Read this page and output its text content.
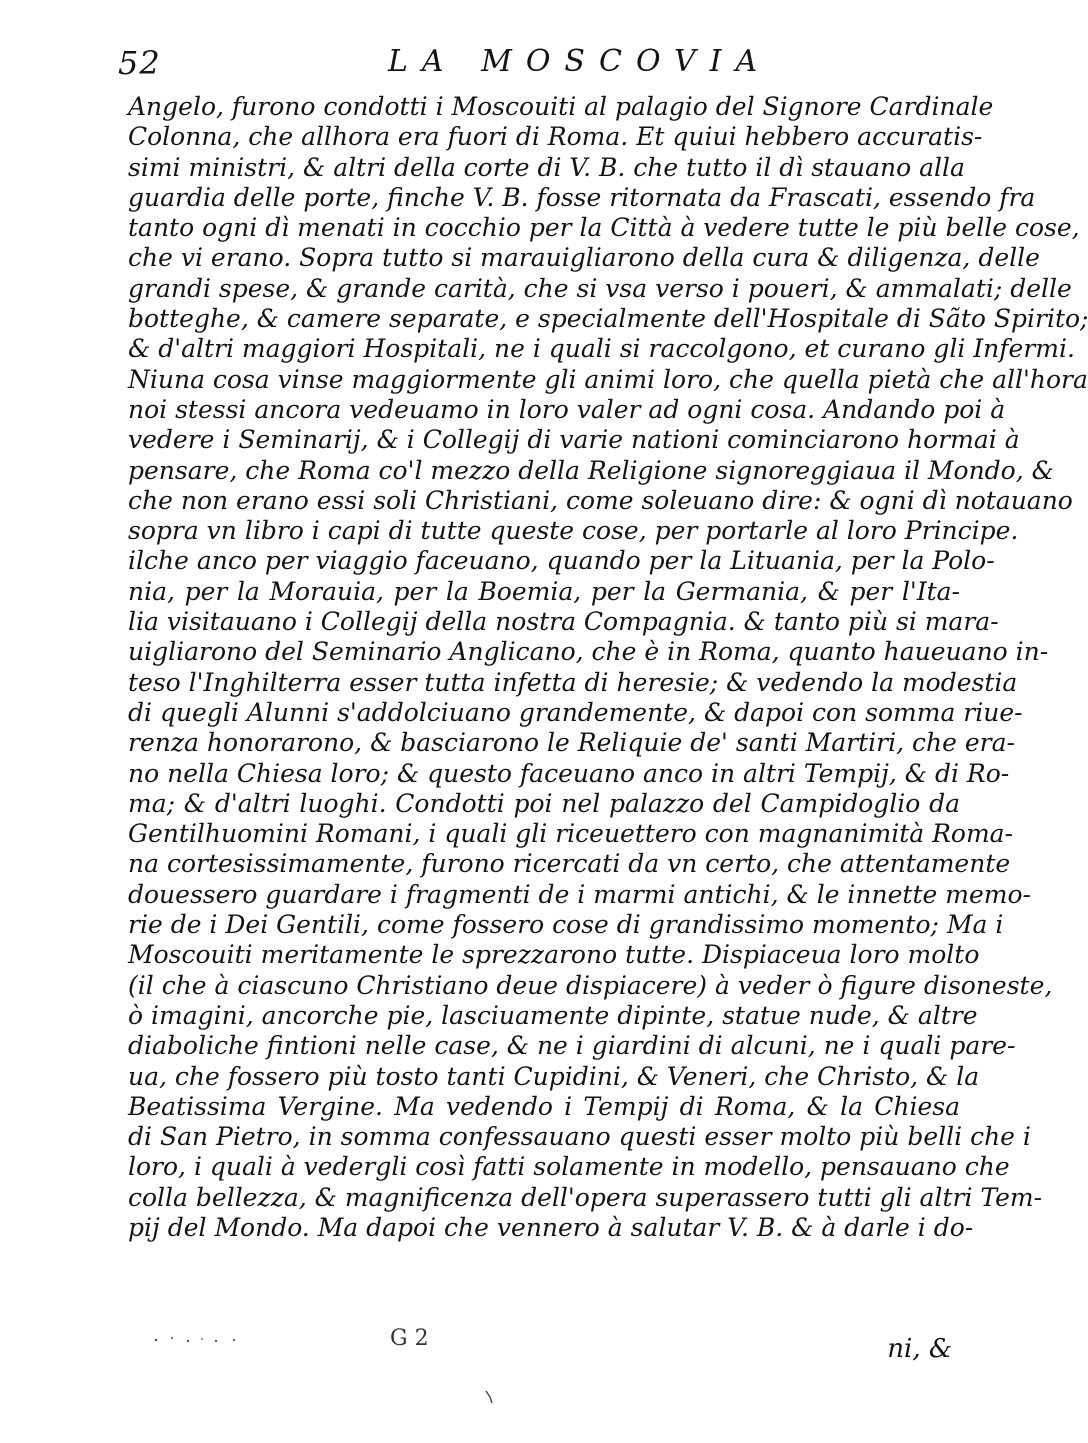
52	LA MOSCOVIA
Angelo, furono condotti i Moscouiti al palagio del Signore Cardinale
Colonna, che allhora era fuori di Roma. Et quiui hebbero accuratis-
simi ministri, & altri della corte di V. B. che tutto il dì stauano alla
guardia delle porte, finche V. B. fosse ritornata da Frascati, essendo fra
tanto ogni dì menati in cocchio per la Città à vedere tutte le più belle cose,
che vi erano. Sopra tutto si marauigliarono della cura & diligenza, delle
grandi spese, & grande carità, che si vsa verso i poueri, & ammalati; delle
botteghe, & camere separate, e specialmente dell'Hospitale di Sãto Spirito;
& d'altri maggiori Hospitali, ne i quali si raccolgono, et curano gli Infermi.
Niuna cosa vinse maggiormente gli animi loro, che quella pietà che all'hora
noi stessi ancora vedeuamo in loro valer ad ogni cosa. Andando poi à
vedere i Seminarij, & i Collegij di varie nationi cominciarono hormai à
pensare, che Roma co'l mezzo della Religione signoreggiaua il Mondo, &
che non erano essi soli Christiani, come soleuano dire: & ogni dì notauano
sopra vn libro i capi di tutte queste cose, per portarle al loro Principe.
ilche anco per viaggio faceuano, quando per la Lituania, per la Polo-
nia, per la Morauia, per la Boemia, per la Germania, & per l'Ita-
lia visitauano i Collegij della nostra Compagnia. & tanto più si mara-
uigliarono del Seminario Anglicano, che è in Roma, quanto haueuano in-
teso l'Inghilterra esser tutta infetta di heresie; & vedendo la modestia
di quegli Alunni s'addolciuano grandemente, & dapoi con somma riue-
renza honorarono, & basciarono le Reliquie de' santi Martiri, che era-
no nella Chiesa loro; & questo faceuano anco in altri Tempij, & di Ro-
ma; & d'altri luoghi. Condotti poi nel palazzo del Campidoglio da
Gentilhuomini Romani, i quali gli riceuettero con magnanimità Roma-
na cortesissimamente, furono ricercati da vn certo, che attentamente
douessero guardare i fragmenti de i marmi antichi, & le innette memo-
rie de i Dei Gentili, come fossero cose di grandissimo momento; Ma i
Moscouiti meritamente le sprezzarono tutte. Dispiaceua loro molto
(il che à ciascuno Christiano deue dispiacere) à veder ò figure disoneste,
ò imagini, ancorche pie, lasciuamente dipinte, statue nude, & altre
diaboliche fintioni nelle case, & ne i giardini di alcuni, ne i quali pare-
ua, che fossero più tosto tanti Cupidini, & Veneri, che Christo, & la
Beatissima Vergine. Ma vedendo i Tempij di Roma, & la Chiesa
di San Pietro, in somma confessauano questi esser molto più belli che i
loro, i quali à vedergli così fatti solamente in modello, pensauano che
colla bellezza, & magnificenza dell'opera superassero tutti gli altri Tem-
pij del Mondo. Ma dapoi che vennero à salutar V. B. & à darle i do-
G 2	ni, &
